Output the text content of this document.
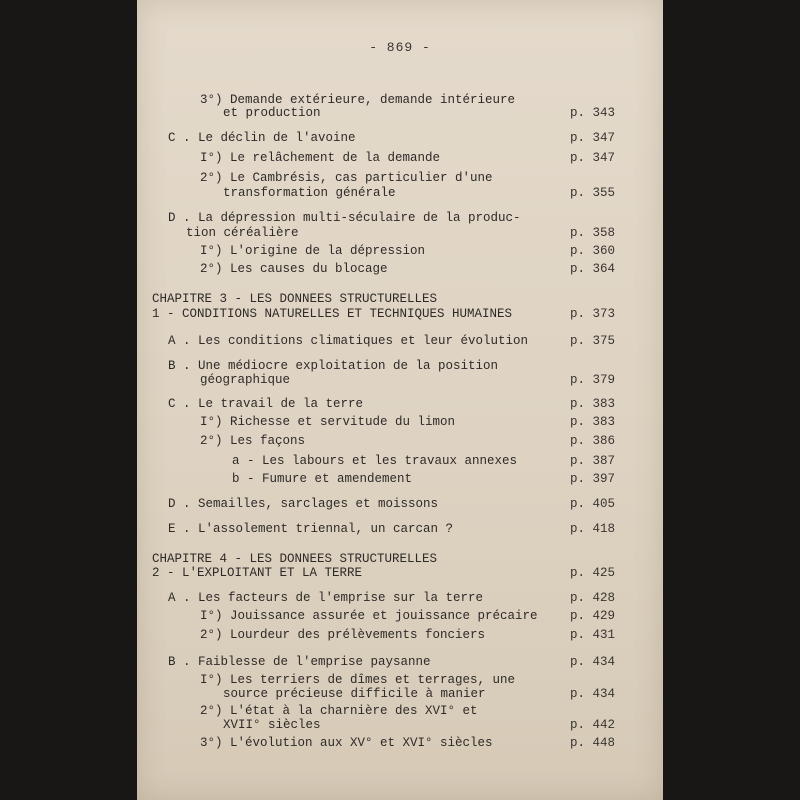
- 869 -
3°) Demande extérieure, demande intérieure
et production	p. 343
C . Le déclin de l'avoine	p. 347
I°) Le relâchement de la demande	p. 347
2°) Le Cambrésis, cas particulier d'une
transformation générale	p. 355
D . La dépression multi-séculaire de la produc-
tion céréalière	p. 358
I°) L'origine de la dépression	p. 360
2°) Les causes du blocage	p. 364
CHAPITRE 3 - LES DONNEES STRUCTURELLES
1 - CONDITIONS NATURELLES ET TECHNIQUES HUMAINES	p. 373
A . Les conditions climatiques et leur évolution	p. 375
B . Une médiocre exploitation de la position
géographique	p. 379
C . Le travail de la terre	p. 383
I°) Richesse et servitude du limon	p. 383
2°) Les façons	p. 386
a - Les labours et les travaux annexes	p. 387
b - Fumure et amendement	p. 397
D . Semailles, sarclages et moissons	p. 405
E . L'assolement triennal, un carcan ?	p. 418
CHAPITRE 4 - LES DONNEES STRUCTURELLES
2 - L'EXPLOITANT ET LA TERRE	p. 425
A . Les facteurs de l'emprise sur la terre	p. 428
I°) Jouissance assurée et jouissance précaire	p. 429
2°) Lourdeur des prélèvements fonciers	p. 431
B . Faiblesse de l'emprise paysanne	p. 434
I°) Les terriers de dîmes et terrages, une
source précieuse difficile à manier	p. 434
2°) L'état à la charnière des XVI° et
XVII° siècles	p. 442
3°) L'évolution aux XV° et XVI° siècles	p. 448
